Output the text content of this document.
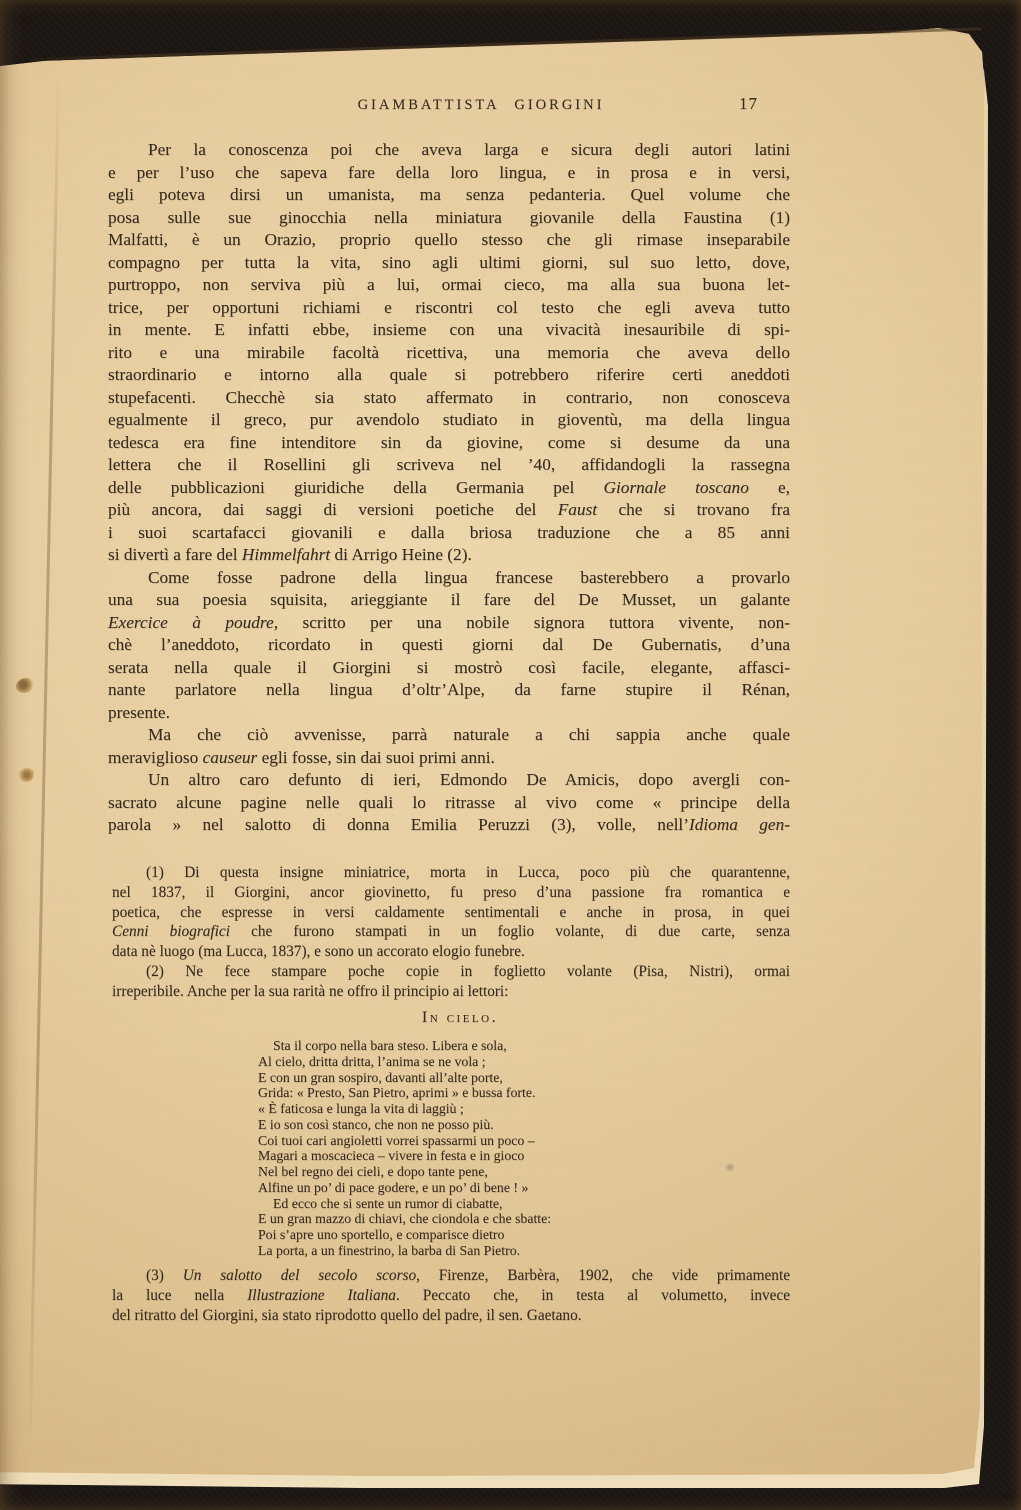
GIAMBATTISTA GIORGINI	17
Per la conoscenza poi che aveva larga e sicura degli autori latini
e per l’uso che sapeva fare della loro lingua, e in prosa e in versi,
egli poteva dirsi un umanista, ma senza pedanteria. Quel volume che
posa sulle sue ginocchia nella miniatura giovanile della Faustina (1)
Malfatti, è un Orazio, proprio quello stesso che gli rimase inseparabile
compagno per tutta la vita, sino agli ultimi giorni, sul suo letto, dove,
purtroppo, non serviva più a lui, ormai cieco, ma alla sua buona let-
trice, per opportuni richiami e riscontri col testo che egli aveva tutto
in mente. E infatti ebbe, insieme con una vivacità inesauribile di spi-
rito e una mirabile facoltà ricettiva, una memoria che aveva dello
straordinario e intorno alla quale si potrebbero riferire certi aneddoti
stupefacenti. Checchè sia stato affermato in contrario, non conosceva
egualmente il greco, pur avendolo studiato in gioventù, ma della lingua
tedesca era fine intenditore sin da giovine, come si desume da una
lettera che il Rosellini gli scriveva nel ’40, affidandogli la rassegna
delle pubblicazioni giuridiche della Germania pel Giornale toscano e,
più ancora, dai saggi di versioni poetiche del Faust che si trovano fra
i suoi scartafacci giovanili e dalla briosa traduzione che a 85 anni
si divertì a fare del Himmelfahrt di Arrigo Heine (2).
Come fosse padrone della lingua francese basterebbero a provarlo
una sua poesia squisita, arieggiante il fare del De Musset, un galante
Exercice à poudre, scritto per una nobile signora tuttora vivente, non-
chè l’aneddoto, ricordato in questi giorni dal De Gubernatis, d’una
serata nella quale il Giorgini si mostrò così facile, elegante, affasci-
nante parlatore nella lingua d’oltr’Alpe, da farne stupire il Rénan,
presente.
Ma che ciò avvenisse, parrà naturale a chi sappia anche quale
meraviglioso causeur egli fosse, sin dai suoi primi anni.
Un altro caro defunto di ieri, Edmondo De Amicis, dopo avergli con-
sacrato alcune pagine nelle quali lo ritrasse al vivo come « principe della
parola » nel salotto di donna Emilia Peruzzi (3), volle, nell’Idioma gen-
(1) Di questa insigne miniatrice, morta in Lucca, poco più che quarantenne,
nel 1837, il Giorgini, ancor giovinetto, fu preso d’una passione fra romantica e
poetica, che espresse in versi caldamente sentimentali e anche in prosa, in quei
Cenni biografici che furono stampati in un foglio volante, di due carte, senza
data nè luogo (ma Lucca, 1837), e sono un accorato elogio funebre.
(2) Ne fece stampare poche copie in foglietto volante (Pisa, Nistri), ormai
irreperibile. Anche per la sua rarità ne offro il principio ai lettori:
In cielo.
Sta il corpo nella bara steso. Libera e sola,
Al cielo, dritta dritta, l’anima se ne vola ;
E con un gran sospiro, davanti all’alte porte,
Grida: « Presto, San Pietro, aprimi » e bussa forte.
« È faticosa e lunga la vita di laggiù ;
E io son così stanco, che non ne posso più.
Coi tuoi cari angioletti vorrei spassarmi un poco –
Magari a moscacieca – vivere in festa e in gioco
Nel bel regno dei cieli, e dopo tante pene,
Alfine un po’ di pace godere, e un po’ di bene ! »
Ed ecco che si sente un rumor di ciabatte,
E un gran mazzo di chiavi, che ciondola e che sbatte:
Poi s’apre uno sportello, e comparisce dietro
La porta, a un finestrino, la barba di San Pietro.
(3) Un salotto del secolo scorso, Firenze, Barbèra, 1902, che vide primamente
la luce nella Illustrazione Italiana. Peccato che, in testa al volumetto, invece
del ritratto del Giorgini, sia stato riprodotto quello del padre, il sen. Gaetano.
